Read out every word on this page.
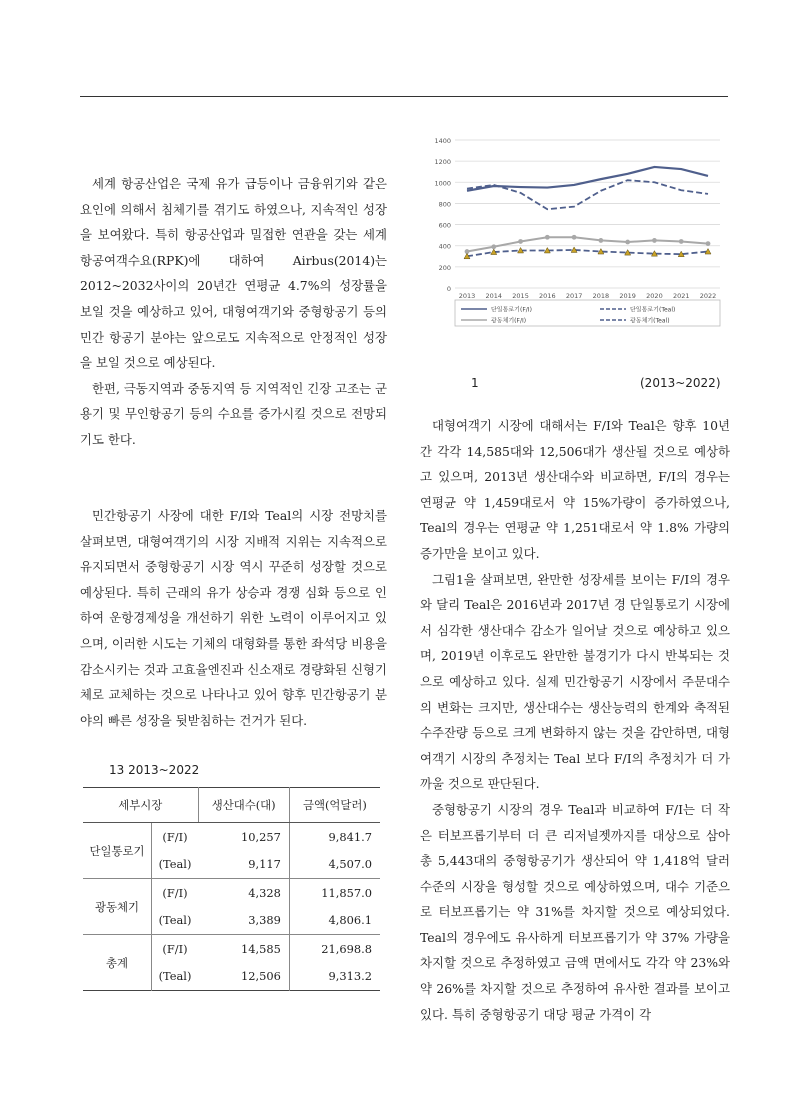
세계 항공산업은 국제 유가 급등이나 금융위기와 같은 요인에 의해서 침체기를 겪기도 하였으나, 지속적인 성장을 보여왔다. 특히 항공산업과 밀접한 연관을 갖는 세계 항공여객수요(RPK)에 대하여 Airbus(2014)는 2012~2032사이의 20년간 연평균 4.7%의 성장률을 보일 것을 예상하고 있어, 대형여객기와 중형항공기 등의 민간 항공기 분야는 앞으로도 지속적으로 안정적인 성장을 보일 것으로 예상된다.

한편, 극동지역과 중동지역 등 지역적인 긴장 고조는 군용기 및 무인항공기 등의 수요를 증가시킬 것으로 전망되기도 한다.

민간항공기 사장에 대한 F/I와 Teal의 시장 전망치를 살펴보면, 대형여객기의 시장 지배적 지위는 지속적으로 유지되면서 중형항공기 시장 역시 꾸준히 성장할 것으로 예상된다. 특히 근래의 유가 상승과 경쟁 심화 등으로 인하여 운항경제성을 개선하기 위한 노력이 이루어지고 있으며, 이러한 시도는 기체의 대형화를 통한 좌석당 비용을 감소시키는 것과 고효율엔진과 신소재로 경량화된 신형기체로 교체하는 것으로 나타나고 있어 향후 민간항공기 분야의 빠른 성장을 뒷받침하는 건거가 된다.

0
200
400
600
800
1000
1200
1400
2013 2014 2015 2016 2017 2018 2019 2020 2021 2022
단일통로기(F/I)	단일통로기(Teal)
광동체기(F/I)	광동체기(Teal)
1	(2013~2022)

대형여객기 시장에 대해서는 F/I와 Teal은 향후 10년간 각각 14,585대와 12,506대가 생산될 것으로 예상하고 있으며, 2013년 생산대수와 비교하면, F/I의 경우는 연평균 약 1,459대로서 약 15%가량이 증가하였으나, Teal의 경우는 연평균 약 1,251대로서 약 1.8% 가량의 증가만을 보이고 있다.

그림1을 살펴보면, 완만한 성장세를 보이는 F/I의 경우와 달리 Teal은 2016년과 2017년 경 단일통로기 시장에서 심각한 생산대수 감소가 일어날 것으로 예상하고 있으며, 2019년 이후로도 완만한 불경기가 다시 반복되는 것으로 예상하고 있다. 실제 민간항공기 시장에서 주문대수의 변화는 크지만, 생산대수는 생산능력의 한계와 축적된 수주잔량 등으로 크게 변화하지 않는 것을 감안하면, 대형여객기 시장의 추정치는 Teal 보다 F/I의 추정치가 더 가까울 것으로 판단된다.

중형항공기 시장의 경우 Teal과 비교하여 F/I는 더 작은 터보프롭기부터 더 큰 리저널젯까지를 대상으로 삼아 총 5,443대의 중형항공기가 생산되어 약 1,418억 달러 수준의 시장을 형성할 것으로 예상하였으며, 대수 기준으로 터보프롭기는 약 31%를 차지할 것으로 예상되었다. Teal의 경우에도 유사하게 터보프롭기가 약 37% 가량을 차지할 것으로 추정하였고 금액 면에서도 각각 약 23%와 약 26%를 차지할 것으로 추정하여 유사한 결과를 보이고 있다. 특히 중형항공기 대당 평균 가격이 각

13 2013~2022
세부시장		생산대수(대)	금액(억달러)
단일통로기	(F/I)	10,257	9,841.7
	(Teal)	9,117	4,507.0
광동체기	(F/I)	4,328	11,857.0
	(Teal)	3,389	4,806.1
총계	(F/I)	14,585	21,698.8
	(Teal)	12,506	9,313.2
